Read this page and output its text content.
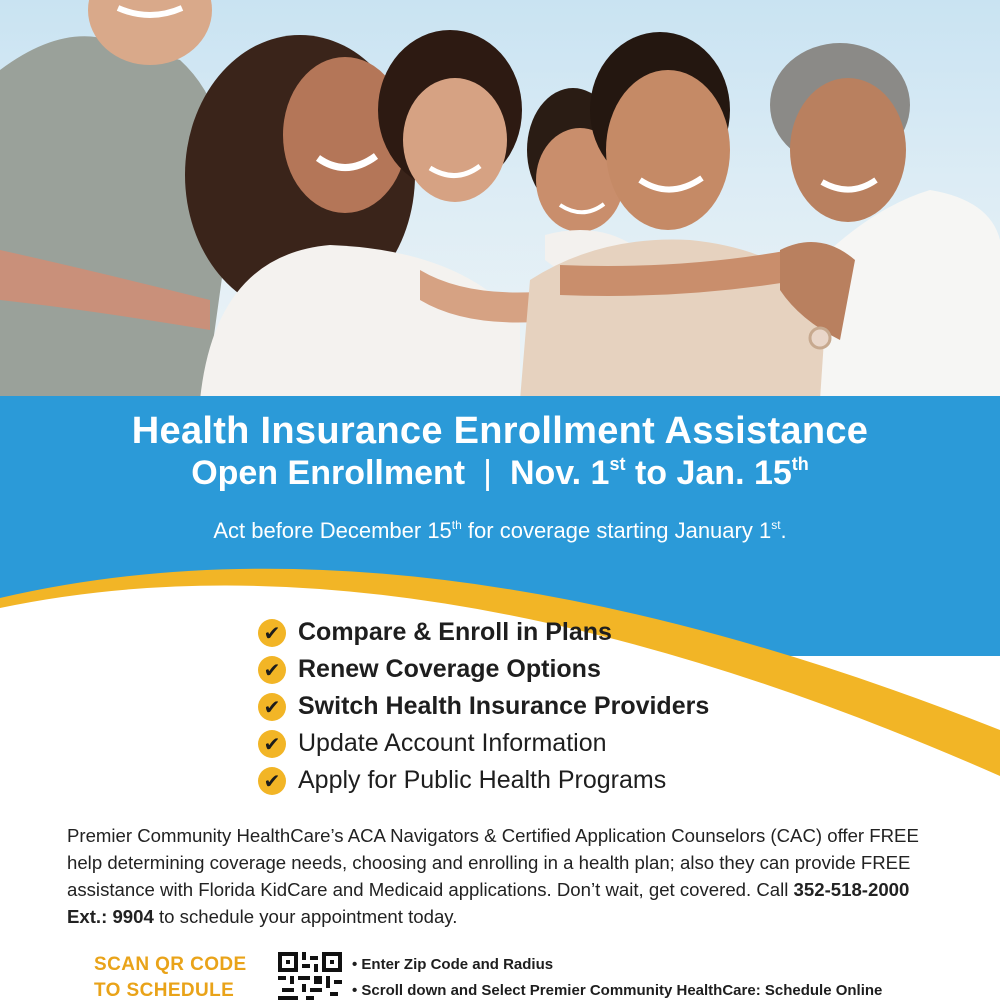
Health Insurance Enrollment Assistance
Open Enrollment | Nov. 1st to Jan. 15th
Act before December 15th for coverage starting January 1st.
✔ Compare & Enroll in Plans
✔ Renew Coverage Options
✔ Switch Health Insurance Providers
✔ Update Account Information
✔ Apply for Public Health Programs
Premier Community HealthCare’s ACA Navigators & Certified Application Counselors (CAC) offer FREE help determining coverage needs, choosing and enrolling in a health plan; also they can provide FREE assistance with Florida KidCare and Medicaid applications. Don’t wait, get covered. Call 352-518-2000 Ext.: 9904 to schedule your appointment today.
SCAN QR CODE
TO SCHEDULE
• Enter Zip Code and Radius
• Scroll down and Select Premier Community HealthCare: Schedule Online
